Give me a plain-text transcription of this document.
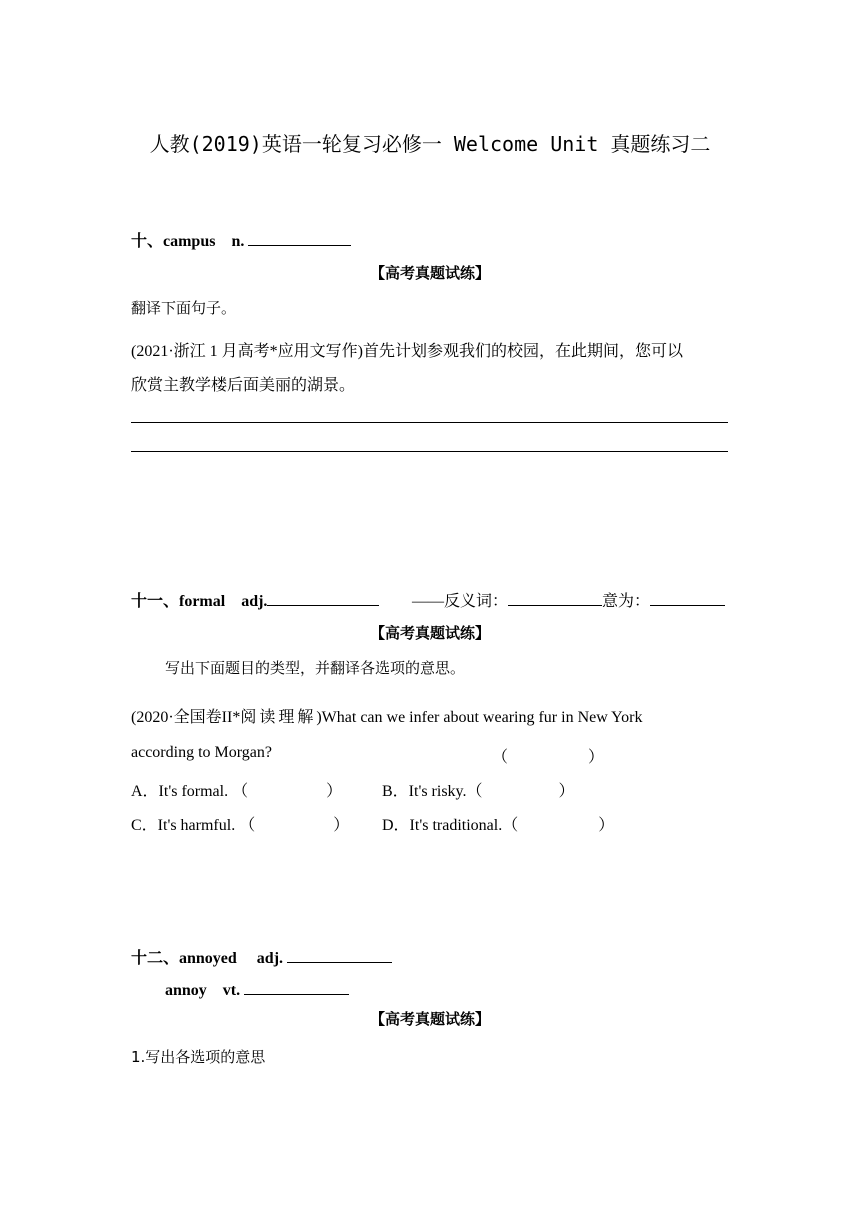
人教(2019)英语一轮复习必修一 Welcome Unit 真题练习二
十、campus　n.
【高考真题试练】
翻译下面句子。
(2021·浙江 1 月高考*应用文写作)首先计划参观我们的校园，在此期间，您可以
欣赏主教学楼后面美丽的湖景。
十一、formal　adj.	——反义词：	意为：
【高考真题试练】
写出下面题目的类型，并翻译各选项的意思。
(2020·全国卷II*阅读理解)What can we infer about wearing fur in New York
according to Morgan?	（　　　　　）
A．It's formal. （	） B．It's risky.（	）
C．It's harmful. （	） D．It's traditional.（	）
十二、annoyed　 adj.
annoy　vt.
【高考真题试练】
1.写出各选项的意思
